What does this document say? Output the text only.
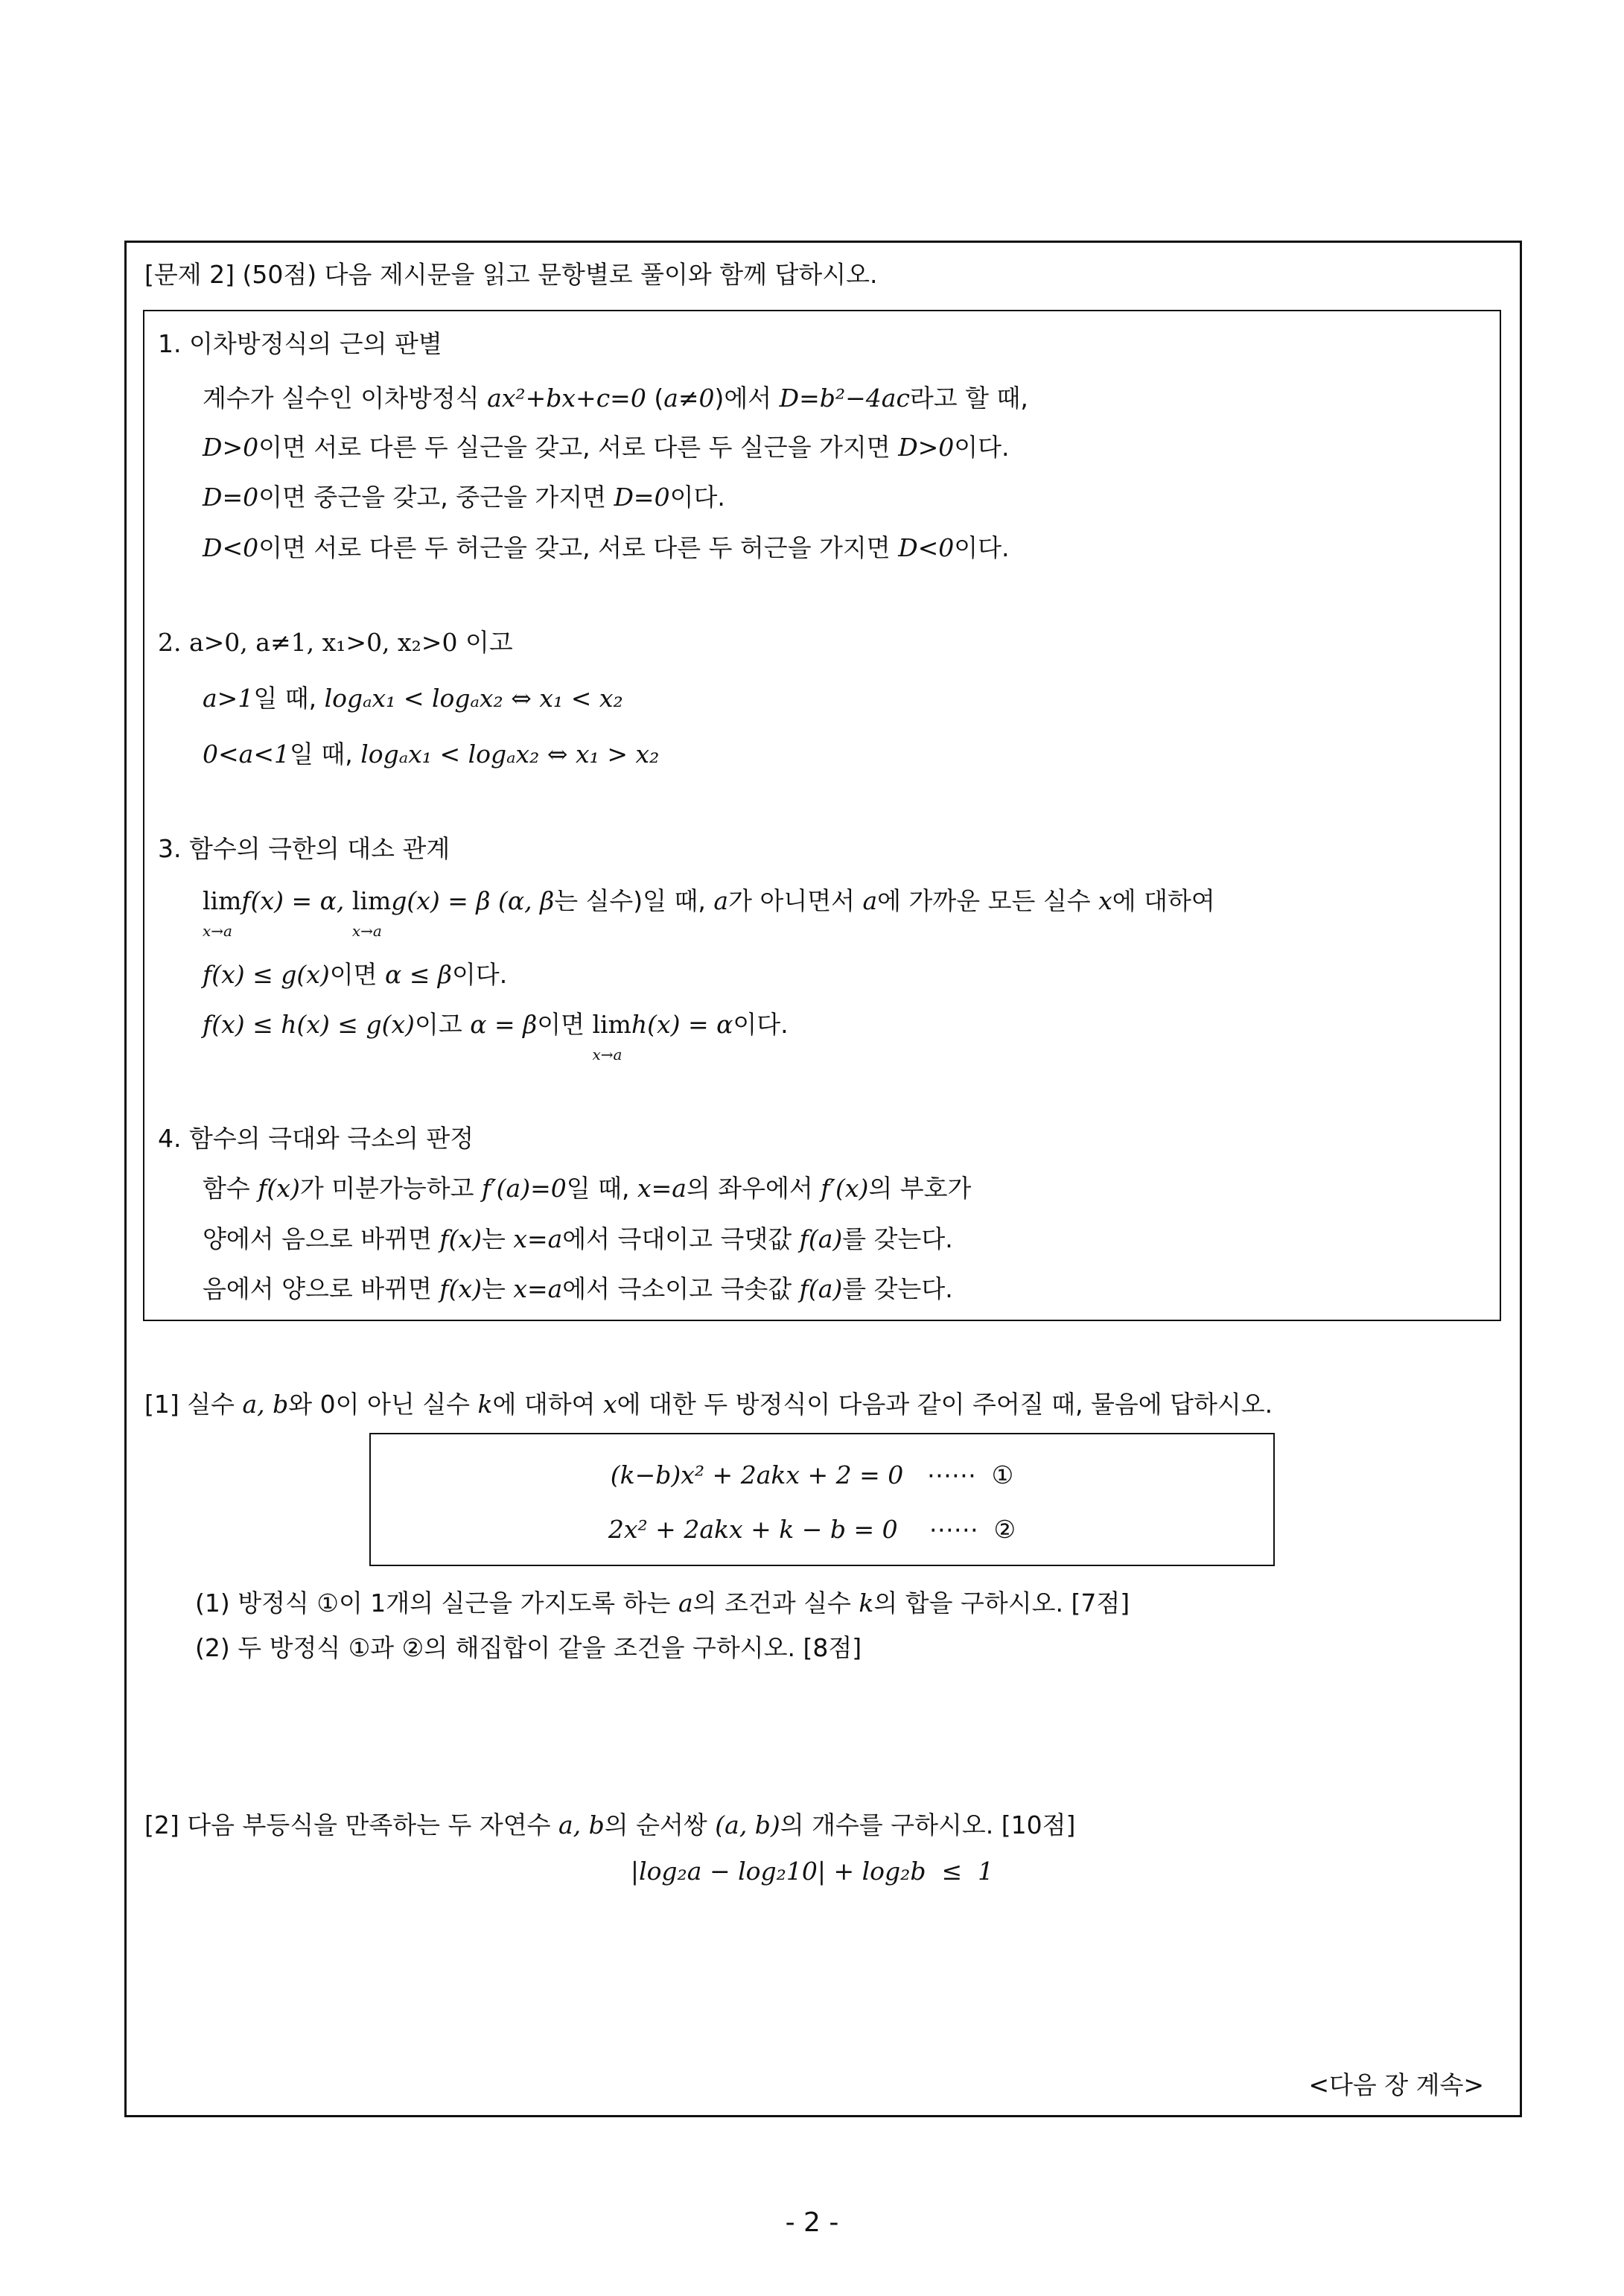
[문제 2] (50점) 다음 제시문을 읽고 문항별로 풀이와 함께 답하시오.
1. 이차방정식의 근의 판별
계수가 실수인 이차방정식 ax²+bx+c=0 (a≠0)에서 D=b²−4ac라고 할 때,
D>0이면 서로 다른 두 실근을 갖고, 서로 다른 두 실근을 가지면 D>0이다.
D=0이면 중근을 갖고, 중근을 가지면 D=0이다.
D<0이면 서로 다른 두 허근을 갖고, 서로 다른 두 허근을 가지면 D<0이다.
2. a>0, a≠1, x₁>0, x₂>0 이고
a>1일 때, logₐx₁ < logₐx₂ ⇔ x₁ < x₂
0<a<1일 때, logₐx₁ < logₐx₂ ⇔ x₁ > x₂
3. 함수의 극한의 대소 관계
lim
x→a
f(x) = α, lim
x→a
g(x) = β (α, β는 실수)일 때, a가 아니면서 a에 가까운 모든 실수 x에 대하여
f(x) ≤ g(x)이면 α ≤ β이다.
f(x) ≤ h(x) ≤ g(x)이고 α = β이면 lim
x→a
h(x) = α이다.
4. 함수의 극대와 극소의 판정
함수 f(x)가 미분가능하고 f′(a)=0일 때, x=a의 좌우에서 f′(x)의 부호가
양에서 음으로 바뀌면 f(x)는 x=a에서 극대이고 극댓값 f(a)를 갖는다.
음에서 양으로 바뀌면 f(x)는 x=a에서 극소이고 극솟값 f(a)를 갖는다.
[1] 실수 a, b와 0이 아닌 실수 k에 대하여 x에 대한 두 방정식이 다음과 같이 주어질 때, 물음에 답하시오.
(k−b)x² + 2akx + 2 = 0   ⋯⋯  ①
2x² + 2akx + k − b = 0    ⋯⋯  ②
(1) 방정식 ①이 1개의 실근을 가지도록 하는 a의 조건과 실수 k의 합을 구하시오. [7점]
(2) 두 방정식 ①과 ②의 해집합이 같을 조건을 구하시오. [8점]
[2] 다음 부등식을 만족하는 두 자연수 a, b의 순서쌍 (a, b)의 개수를 구하시오. [10점]
|log₂a − log₂10| + log₂b  ≤  1
<다음 장 계속>
- 2 -
